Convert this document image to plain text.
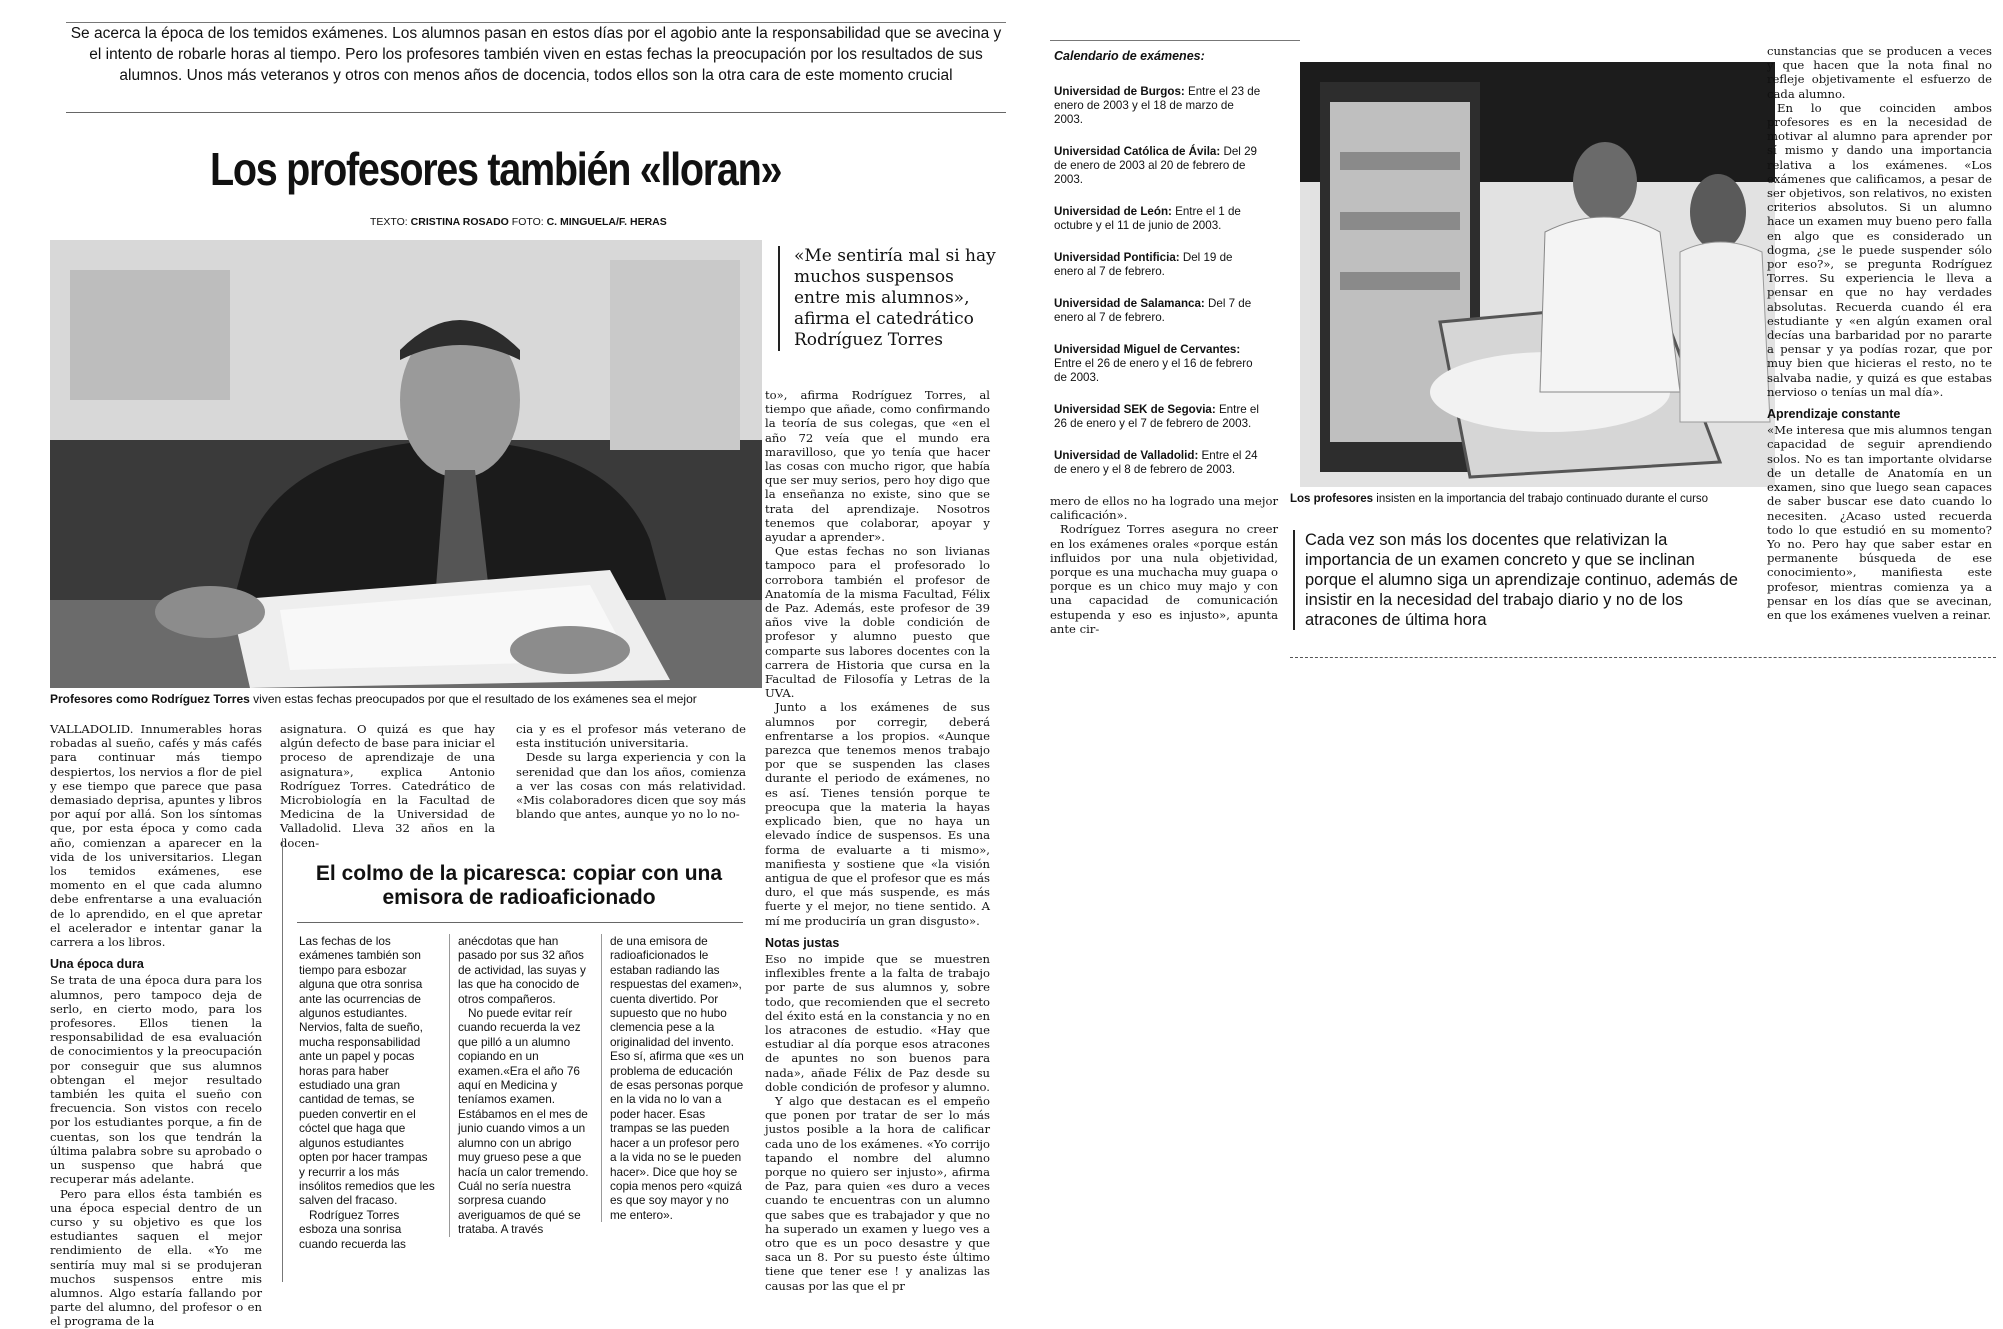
Se acerca la época de los temidos exámenes. Los alumnos pasan en estos días por el agobio ante la responsabilidad que se avecina y el intento de robarle horas al tiempo. Pero los profesores también viven en estas fechas la preocupación por los resultados de sus alumnos. Unos más veteranos y otros con menos años de docencia, todos ellos son la otra cara de este momento crucial
Los profesores también «lloran»
TEXTO: CRISTINA ROSADO FOTO: C. MINGUELA/F. HERAS
Profesores como Rodríguez Torres viven estas fechas preocupados por que el resultado de los exámenes sea el mejor
«Me sentiría mal si hay muchos suspensos entre mis alumnos», afirma el catedrático Rodríguez Torres

to», afirma Rodríguez Torres, al tiempo que añade, como confirmando la teoría de sus colegas, que «en el año 72 veía que el mundo era maravilloso, que yo tenía que hacer las cosas con mucho rigor, que había que ser muy serios, pero hoy digo que la enseñanza no existe, sino que se trata del aprendizaje. Nosotros tenemos que colaborar, apoyar y ayudar a aprender».

Que estas fechas no son livianas tampoco para el profesorado lo corrobora también el profesor de Anatomía de la misma Facultad, Félix de Paz. Además, este profesor de 39 años vive la doble condición de profesor y alumno puesto que comparte sus labores docentes con la carrera de Historia que cursa en la Facultad de Filosofía y Letras de la UVA.

Junto a los exámenes de sus alumnos por corregir, deberá enfrentarse a los propios. «Aunque parezca que tenemos menos trabajo por que se suspenden las clases durante el periodo de exámenes, no es así. Tienes tensión porque te preocupa que la materia la hayas explicado bien, que no haya un elevado índice de suspensos. Es una forma de evaluarte a ti mismo», manifiesta y sostiene que «la visión antigua de que el profesor que es más duro, el que más suspende, es más fuerte y el mejor, no tiene sentido. A mí me produciría un gran disgusto».

Notas justas

Eso no impide que se muestren inflexibles frente a la falta de trabajo por parte de sus alumnos y, sobre todo, que recomienden que el secreto del éxito está en la constancia y no en los atracones de estudio. «Hay que estudiar al día porque esos atracones de apuntes no son buenos para nada», añade Félix de Paz desde su doble condición de profesor y alumno.

Y algo que destacan es el empeño que ponen por tratar de ser lo más justos posible a la hora de calificar cada uno de los exámenes. «Yo corrijo tapando el nombre del alumno porque no quiero ser injusto», afirma de Paz, para quien «es duro a veces cuando te encuentras con un alumno que sabes que es trabajador y que no ha superado un examen y luego ves a otro que es un poco desastre y que saca un 8. Por su puesto éste último tiene que tener ese ! y analizas las causas por las que el pr

VALLADOLID. Innumerables horas robadas al sueño, cafés y más cafés para continuar más tiempo despiertos, los nervios a flor de piel y ese tiempo que parece que pasa demasiado deprisa, apuntes y libros por aquí por allá. Son los síntomas que, por esta época y como cada año, comienzan a aparecer en la vida de los universitarios. Llegan los temidos exámenes, ese momento en el que cada alumno debe enfrentarse a una evaluación de lo aprendido, en el que apretar el acelerador e intentar ganar la carrera a los libros.

Una época dura

Se trata de una época dura para los alumnos, pero tampoco deja de serlo, en cierto modo, para los profesores. Ellos tienen la responsabilidad de esa evaluación de conocimientos y la preocupación por conseguir que sus alumnos obtengan el mejor resultado también les quita el sueño con frecuencia. Son vistos con recelo por los estudiantes porque, a fin de cuentas, son los que tendrán la última palabra sobre su aprobado o un suspenso que habrá que recuperar más adelante.

Pero para ellos ésta también es una época especial dentro de un curso y su objetivo es que los estudiantes saquen el mejor rendimiento de ella. «Yo me sentiría muy mal si se produjeran muchos suspensos entre mis alumnos. Algo estaría fallando por parte del alumno, del profesor o en el programa de la

asignatura. O quizá es que hay algún defecto de base para iniciar el proceso de aprendizaje de una asignatura», explica Antonio Rodríguez Torres. Catedrático de Microbiología en la Facultad de Medicina de la Universidad de Valladolid. Lleva 32 años en la docen-

cia y es el profesor más veterano de esta institución universitaria.

Desde su larga experiencia y con la serenidad que dan los años, comienza a ver las cosas con más relatividad. «Mis colaboradores dicen que soy más blando que antes, aunque yo no lo no-

El colmo de la picaresca: copiar con una emisora de radioaficionado

Las fechas de los exámenes también son tiempo para esbozar alguna que otra sonrisa ante las ocurrencias de algunos estudiantes. Nervios, falta de sueño, mucha responsabilidad ante un papel y pocas horas para haber estudiado una gran cantidad de temas, se pueden convertir en el cóctel que haga que algunos estudiantes opten por hacer trampas y recurrir a los más insólitos remedios que les salven del fracaso.

Rodríguez Torres esboza una sonrisa cuando recuerda las

anécdotas que han pasado por sus 32 años de actividad, las suyas y las que ha conocido de otros compañeros.

No puede evitar reír cuando recuerda la vez que pilló a un alumno copiando en un examen.«Era el año 76 aquí en Medicina y teníamos examen. Estábamos en el mes de junio cuando vimos a un alumno con un abrigo muy grueso pese a que hacía un calor tremendo. Cuál no sería nuestra sorpresa cuando averiguamos de qué se trataba. A través

de una emisora de radioaficionados le estaban radiando las respuestas del examen», cuenta divertido. Por supuesto que no hubo clemencia pese a la originalidad del invento. Eso sí, afirma que «es un problema de educación de esas personas porque en la vida no lo van a poder hacer. Esas trampas se las pueden hacer a un profesor pero a la vida no se le pueden hacer». Dice que hoy se copia menos pero «quizá es que soy mayor y no me entero».

Calendario de exámenes:
Universidad de Burgos: Entre el 23 de enero de 2003 y el 18 de marzo de 2003.
Universidad Católica de Ávila: Del 29 de enero de 2003 al 20 de febrero de 2003.
Universidad de León: Entre el 1 de octubre y el 11 de junio de 2003.
Universidad Pontificia: Del 19 de enero al 7 de febrero.
Universidad de Salamanca: Del 7 de enero al 7 de febrero.
Universidad Miguel de Cervantes: Entre el 26 de enero y el 16 de febrero de 2003.
Universidad SEK de Segovia: Entre el 26 de enero y el 7 de febrero de 2003.
Universidad de Valladolid: Entre el 24 de enero y el 8 de febrero de 2003.
Los profesores insisten en la importancia del trabajo continuado durante el curso

mero de ellos no ha logrado una mejor calificación».

Rodríguez Torres asegura no creer en los exámenes orales «porque están influidos por una nula objetividad, porque es una muchacha muy guapa o porque es un chico muy majo y con una capacidad de comunicación estupenda y eso es injusto», apunta ante cir-

Cada vez son más los docentes que relativizan la importancia de un examen concreto y que se inclinan porque el alumno siga un aprendizaje continuo, además de insistir en la necesidad del trabajo diario y no de los atracones de última hora

cunstancias que se producen a veces y que hacen que la nota final no refleje objetivamente el esfuerzo de cada alumno.

En lo que coinciden ambos profesores es en la necesidad de motivar al alumno para aprender por sí mismo y dando una importancia relativa a los exámenes. «Los exámenes que calificamos, a pesar de ser objetivos, son relativos, no existen criterios absolutos. Si un alumno hace un examen muy bueno pero falla en algo que es considerado un dogma, ¿se le puede suspender sólo por eso?», se pregunta Rodríguez Torres. Su experiencia le lleva a pensar en que no hay verdades absolutas. Recuerda cuando él era estudiante y «en algún examen oral decías una barbaridad por no pararte a pensar y ya podías rozar, que por muy bien que hicieras el resto, no te salvaba nadie, y quizá es que estabas nervioso o tenías un mal día».

Aprendizaje constante

«Me interesa que mis alumnos tengan capacidad de seguir aprendiendo solos. No es tan importante olvidarse de un detalle de Anatomía en un examen, sino que luego sean capaces de saber buscar ese dato cuando lo necesiten. ¿Acaso usted recuerda todo lo que estudió en su momento? Yo no. Pero hay que saber estar en permanente búsqueda de ese conocimiento», manifiesta este profesor, mientras comienza ya a pensar en los días que se avecinan, en que los exámenes vuelven a reinar.
